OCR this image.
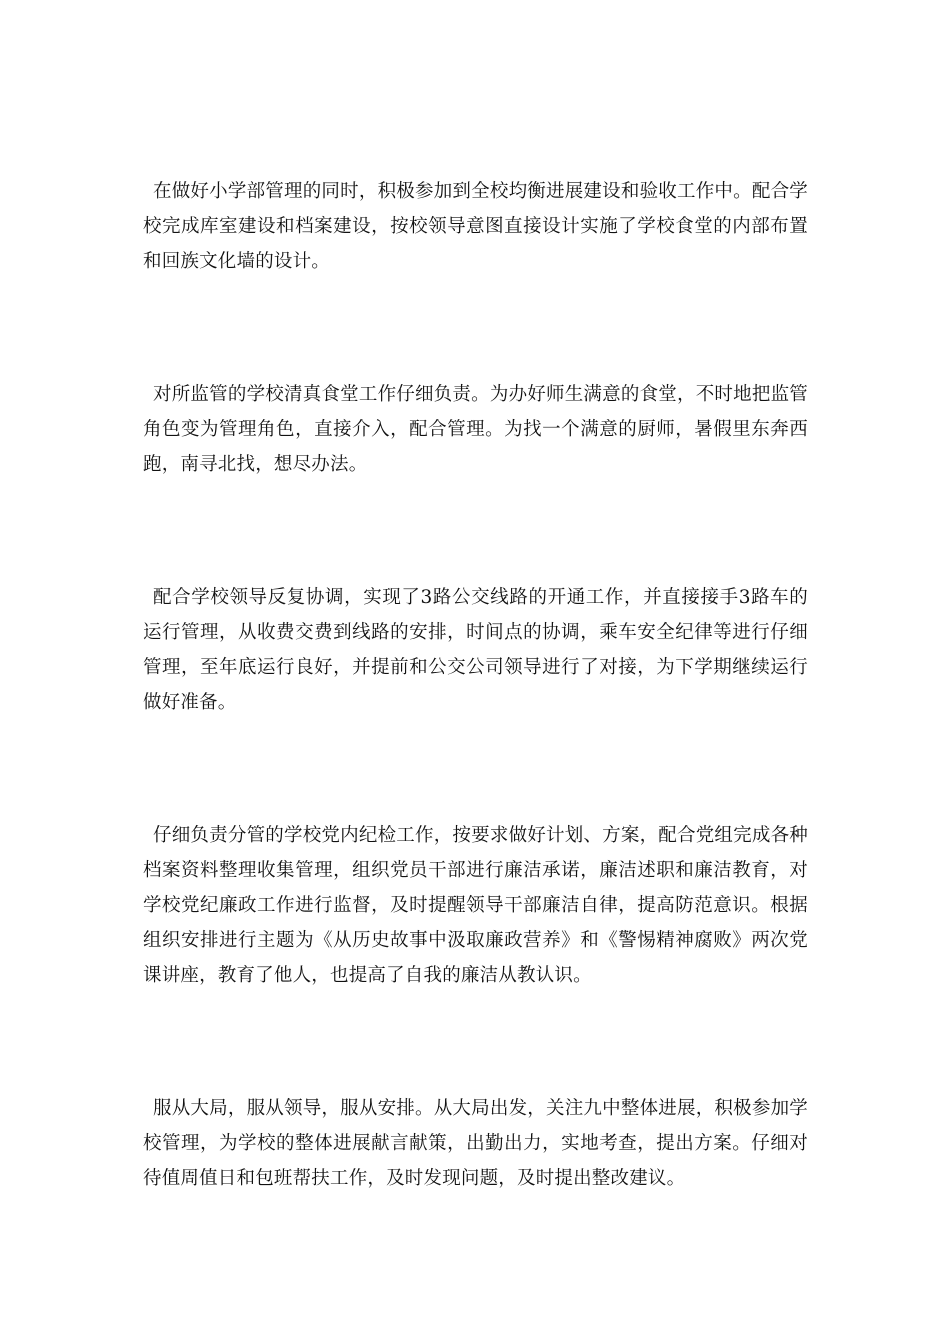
在做好小学部管理的同时，积极参加到全校均衡进展建设和验收工作中。配合学校完成库室建设和档案建设，按校领导意图直接设计实施了学校食堂的内部布置和回族文化墙的设计。

对所监管的学校清真食堂工作仔细负责。为办好师生满意的食堂，不时地把监管角色变为管理角色，直接介入，配合管理。为找一个满意的厨师，暑假里东奔西跑，南寻北找，想尽办法。

配合学校领导反复协调，实现了3路公交线路的开通工作，并直接接手3路车的运行管理，从收费交费到线路的安排，时间点的协调，乘车安全纪律等进行仔细管理，至年底运行良好，并提前和公交公司领导进行了对接，为下学期继续运行做好准备。

仔细负责分管的学校党内纪检工作，按要求做好计划、方案，配合党组完成各种档案资料整理收集管理，组织党员干部进行廉洁承诺，廉洁述职和廉洁教育，对学校党纪廉政工作进行监督，及时提醒领导干部廉洁自律，提高防范意识。根据组织安排进行主题为《从历史故事中汲取廉政营养》和《警惕精神腐败》两次党课讲座，教育了他人，也提高了自我的廉洁从教认识。

服从大局，服从领导，服从安排。从大局出发，关注九中整体进展，积极参加学校管理，为学校的整体进展献言献策，出勤出力，实地考查，提出方案。仔细对待值周值日和包班帮扶工作，及时发现问题，及时提出整改建议。
